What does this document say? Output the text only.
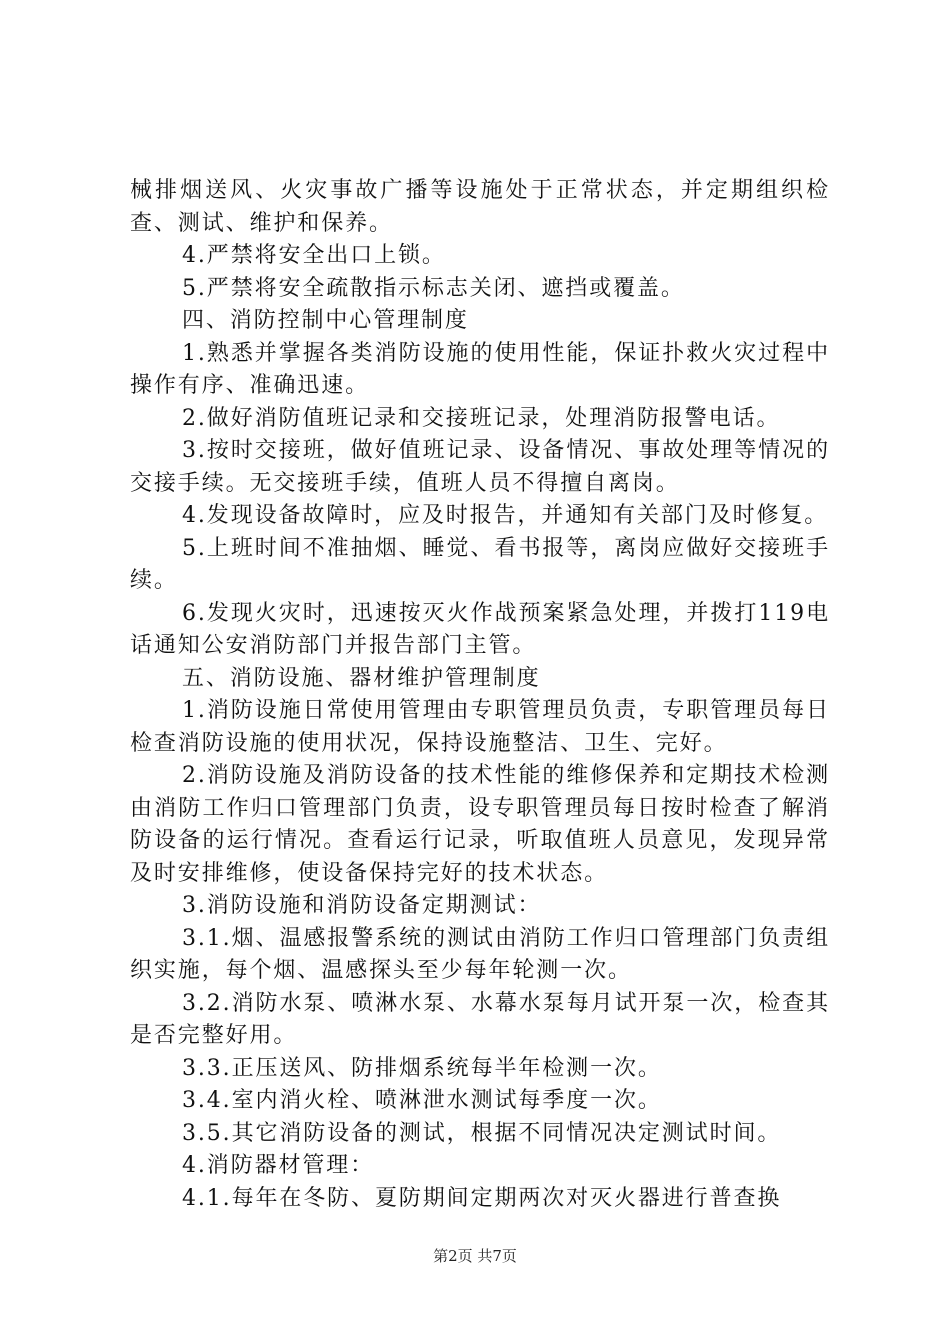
械排烟送风、火灾事故广播等设施处于正常状态，并定期组织检查、测试、维护和保养。

4.严禁将安全出口上锁。

5.严禁将安全疏散指示标志关闭、遮挡或覆盖。

四、消防控制中心管理制度

1.熟悉并掌握各类消防设施的使用性能，保证扑救火灾过程中操作有序、准确迅速。

2.做好消防值班记录和交接班记录，处理消防报警电话。

3.按时交接班，做好值班记录、设备情况、事故处理等情况的交接手续。无交接班手续，值班人员不得擅自离岗。

4.发现设备故障时，应及时报告，并通知有关部门及时修复。

5.上班时间不准抽烟、睡觉、看书报等，离岗应做好交接班手续。

6.发现火灾时，迅速按灭火作战预案紧急处理，并拨打119电话通知公安消防部门并报告部门主管。

五、消防设施、器材维护管理制度

1.消防设施日常使用管理由专职管理员负责，专职管理员每日检查消防设施的使用状况，保持设施整洁、卫生、完好。

2.消防设施及消防设备的技术性能的维修保养和定期技术检测由消防工作归口管理部门负责，设专职管理员每日按时检查了解消防设备的运行情况。查看运行记录，听取值班人员意见，发现异常及时安排维修，使设备保持完好的技术状态。

3.消防设施和消防设备定期测试：

3.1.烟、温感报警系统的测试由消防工作归口管理部门负责组织实施，每个烟、温感探头至少每年轮测一次。

3.2.消防水泵、喷淋水泵、水幕水泵每月试开泵一次，检查其是否完整好用。

3.3.正压送风、防排烟系统每半年检测一次。

3.4.室内消火栓、喷淋泄水测试每季度一次。

3.5.其它消防设备的测试，根据不同情况决定测试时间。

4.消防器材管理：

4.1.每年在冬防、夏防期间定期两次对灭火器进行普查换

第2页 共7页
